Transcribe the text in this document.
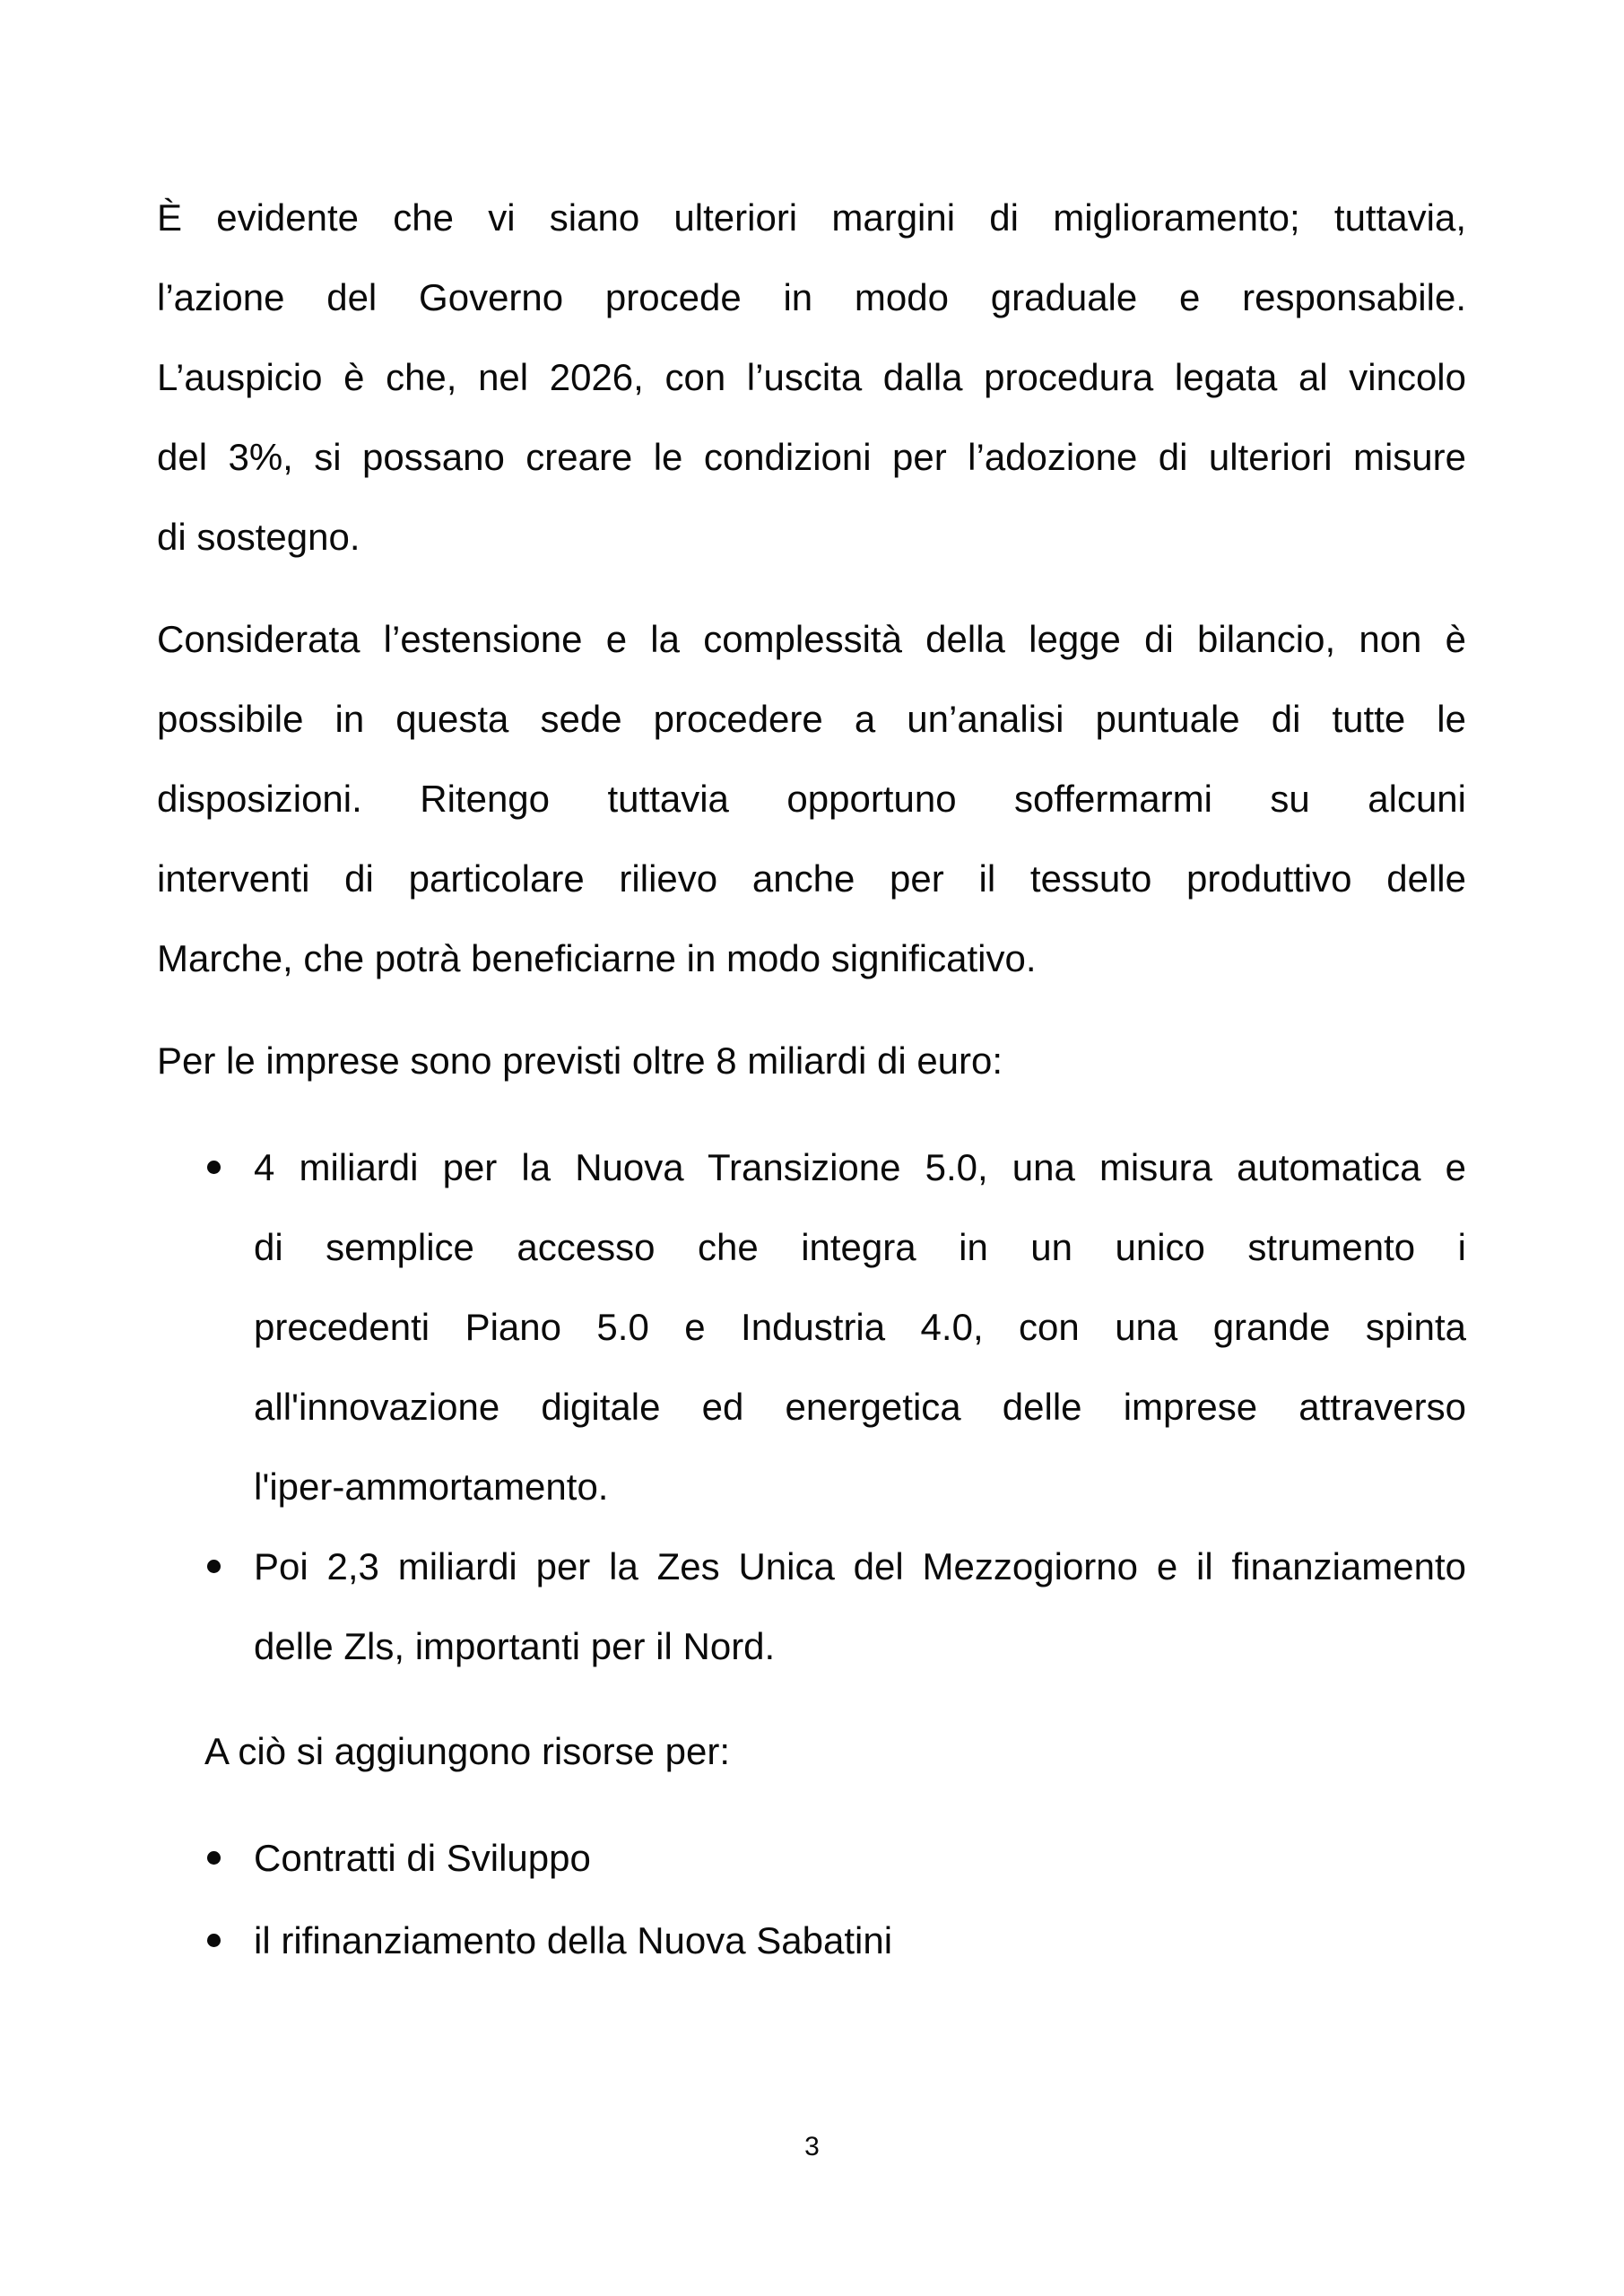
È evidente che vi siano ulteriori margini di miglioramento; tuttavia,
l’azione del Governo procede in modo graduale e responsabile.
L’auspicio è che, nel 2026, con l’uscita dalla procedura legata al vincolo
del 3%, si possano creare le condizioni per l’adozione di ulteriori misure
di sostegno.
Considerata l’estensione e la complessità della legge di bilancio, non è
possibile in questa sede procedere a un’analisi puntuale di tutte le
disposizioni. Ritengo tuttavia opportuno soffermarmi su alcuni
interventi di particolare rilievo anche per il tessuto produttivo delle
Marche, che potrà beneficiarne in modo significativo.
Per le imprese sono previsti oltre 8 miliardi di euro:
4 miliardi per la Nuova Transizione 5.0, una misura automatica e
di semplice accesso che integra in un unico strumento i
precedenti Piano 5.0 e Industria 4.0, con una grande spinta
all'innovazione digitale ed energetica delle imprese attraverso
l'iper-ammortamento.
Poi 2,3 miliardi per la Zes Unica del Mezzogiorno e il finanziamento
delle Zls, importanti per il Nord.
A ciò si aggiungono risorse per:
Contratti di Sviluppo
il rifinanziamento della Nuova Sabatini
3
